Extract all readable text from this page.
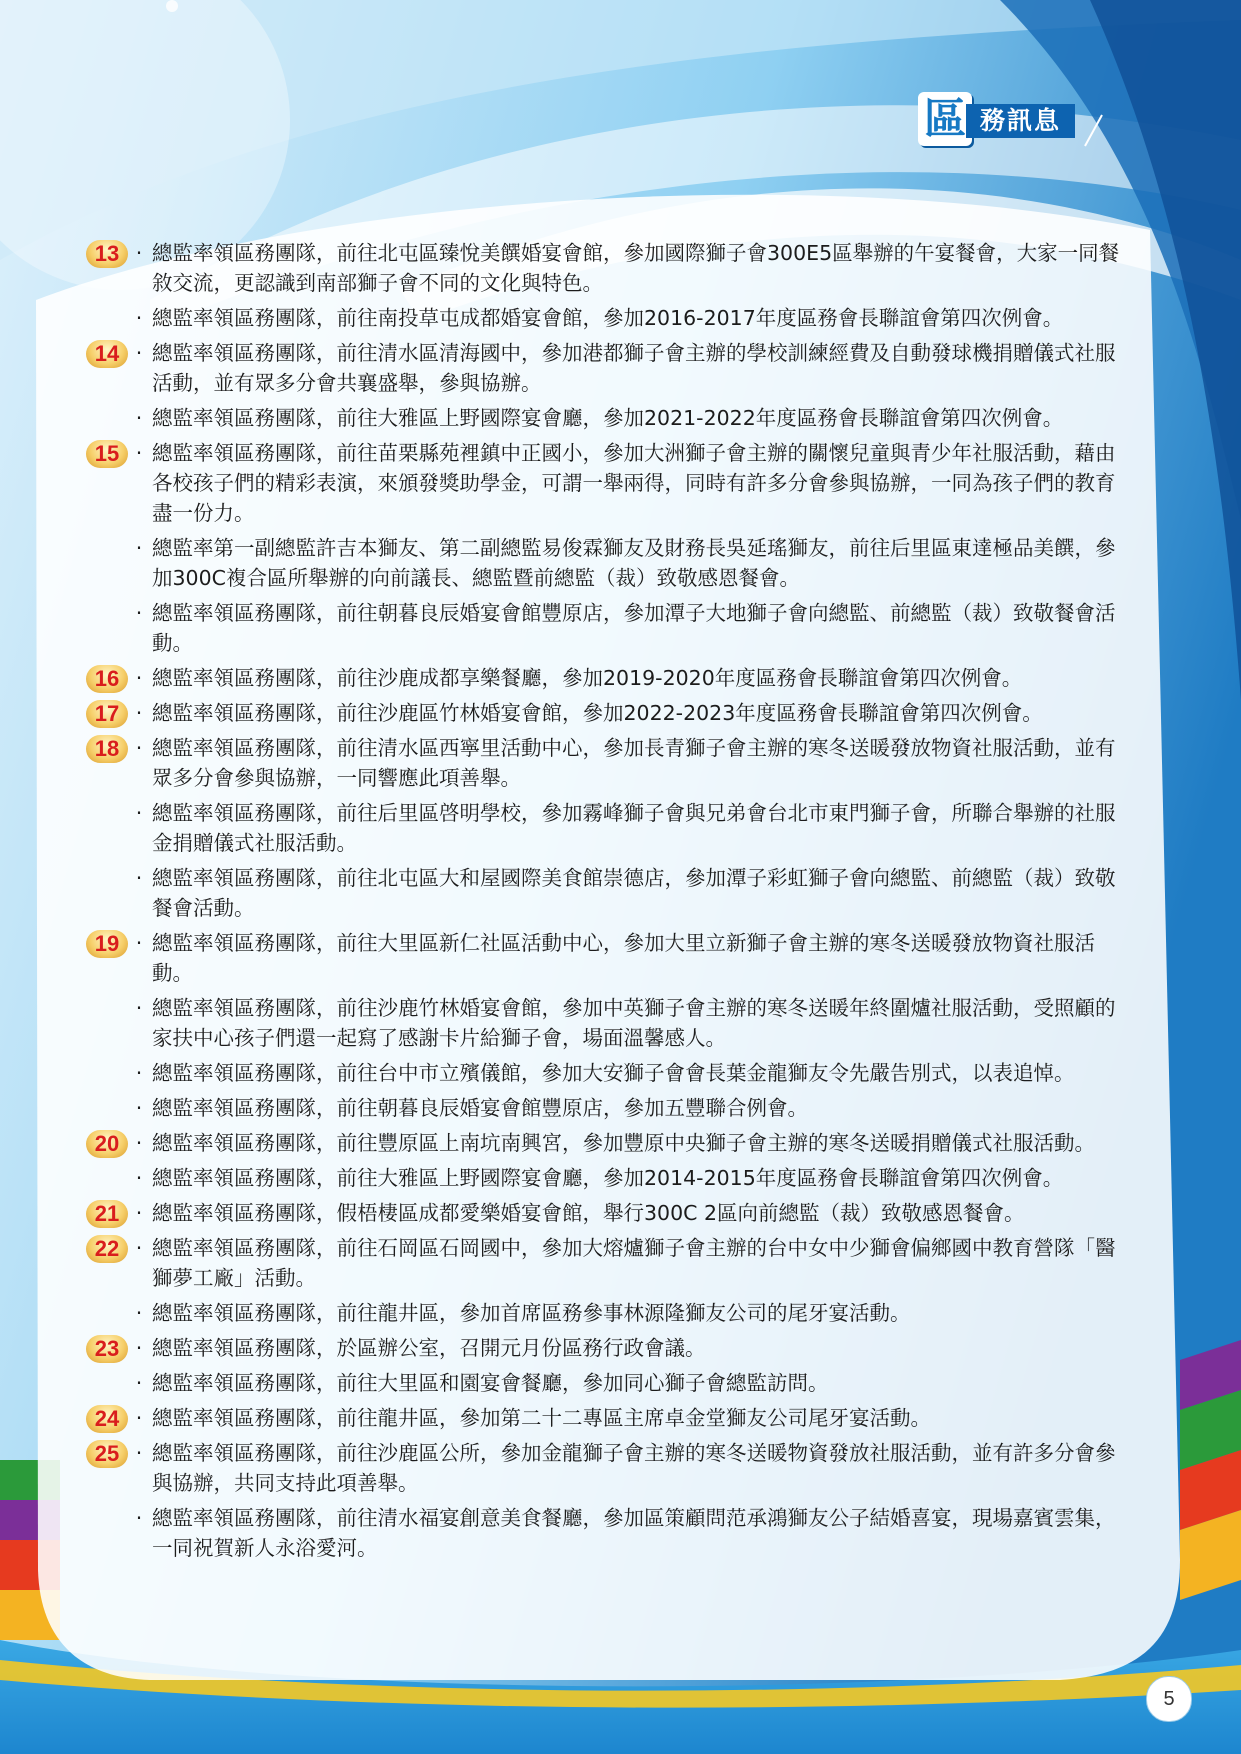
區 務訊息
13 · 總監率領區務團隊，前往北屯區臻悅美饌婚宴會館，參加國際獅子會300E5區舉辦的午宴餐會，大家一同餐敘交流，更認識到南部獅子會不同的文化與特色。
· 總監率領區務團隊，前往南投草屯成都婚宴會館，參加2016-2017年度區務會長聯誼會第四次例會。
14 · 總監率領區務團隊，前往清水區清海國中，參加港都獅子會主辦的學校訓練經費及自動發球機捐贈儀式社服活動，並有眾多分會共襄盛舉，參與協辦。
· 總監率領區務團隊，前往大雅區上野國際宴會廳，參加2021-2022年度區務會長聯誼會第四次例會。
15 · 總監率領區務團隊，前往苗栗縣苑裡鎮中正國小，參加大洲獅子會主辦的關懷兒童與青少年社服活動，藉由各校孩子們的精彩表演，來頒發獎助學金，可謂一舉兩得，同時有許多分會參與協辦，一同為孩子們的教育盡一份力。
· 總監率第一副總監許吉本獅友、第二副總監易俊霖獅友及財務長吳延瑤獅友，前往后里區東達極品美饌，參加300C複合區所舉辦的向前議長、總監暨前總監（裁）致敬感恩餐會。
· 總監率領區務團隊，前往朝暮良辰婚宴會館豐原店，參加潭子大地獅子會向總監、前總監（裁）致敬餐會活動。
16 · 總監率領區務團隊，前往沙鹿成都享樂餐廳，參加2019-2020年度區務會長聯誼會第四次例會。
17 · 總監率領區務團隊，前往沙鹿區竹林婚宴會館，參加2022-2023年度區務會長聯誼會第四次例會。
18 · 總監率領區務團隊，前往清水區西寧里活動中心，參加長青獅子會主辦的寒冬送暖發放物資社服活動，並有眾多分會參與協辦，一同響應此項善舉。
· 總監率領區務團隊，前往后里區啓明學校，參加霧峰獅子會與兄弟會台北市東門獅子會，所聯合舉辦的社服金捐贈儀式社服活動。
· 總監率領區務團隊，前往北屯區大和屋國際美食館崇德店，參加潭子彩虹獅子會向總監、前總監（裁）致敬餐會活動。
19 · 總監率領區務團隊，前往大里區新仁社區活動中心，參加大里立新獅子會主辦的寒冬送暖發放物資社服活動。
· 總監率領區務團隊，前往沙鹿竹林婚宴會館，參加中英獅子會主辦的寒冬送暖年終圍爐社服活動，受照顧的家扶中心孩子們還一起寫了感謝卡片給獅子會，場面溫馨感人。
· 總監率領區務團隊，前往台中市立殯儀館，參加大安獅子會會長葉金龍獅友令先嚴告別式，以表追悼。
· 總監率領區務團隊，前往朝暮良辰婚宴會館豐原店，參加五豐聯合例會。
20 · 總監率領區務團隊，前往豐原區上南坑南興宮，參加豐原中央獅子會主辦的寒冬送暖捐贈儀式社服活動。
· 總監率領區務團隊，前往大雅區上野國際宴會廳，參加2014-2015年度區務會長聯誼會第四次例會。
21 · 總監率領區務團隊，假梧棲區成都愛樂婚宴會館，舉行300C 2區向前總監（裁）致敬感恩餐會。
22 · 總監率領區務團隊，前往石岡區石岡國中，參加大熔爐獅子會主辦的台中女中少獅會偏鄉國中教育營隊「醫獅夢工廠」活動。
· 總監率領區務團隊，前往龍井區，參加首席區務參事林源隆獅友公司的尾牙宴活動。
23 · 總監率領區務團隊，於區辦公室，召開元月份區務行政會議。
· 總監率領區務團隊，前往大里區和園宴會餐廳，參加同心獅子會總監訪問。
24 · 總監率領區務團隊，前往龍井區，參加第二十二專區主席卓金堂獅友公司尾牙宴活動。
25 · 總監率領區務團隊，前往沙鹿區公所，參加金龍獅子會主辦的寒冬送暖物資發放社服活動，並有許多分會參與協辦，共同支持此項善舉。
· 總監率領區務團隊，前往清水福宴創意美食餐廳，參加區策顧問范承鴻獅友公子結婚喜宴，現場嘉賓雲集，一同祝賀新人永浴愛河。
5
